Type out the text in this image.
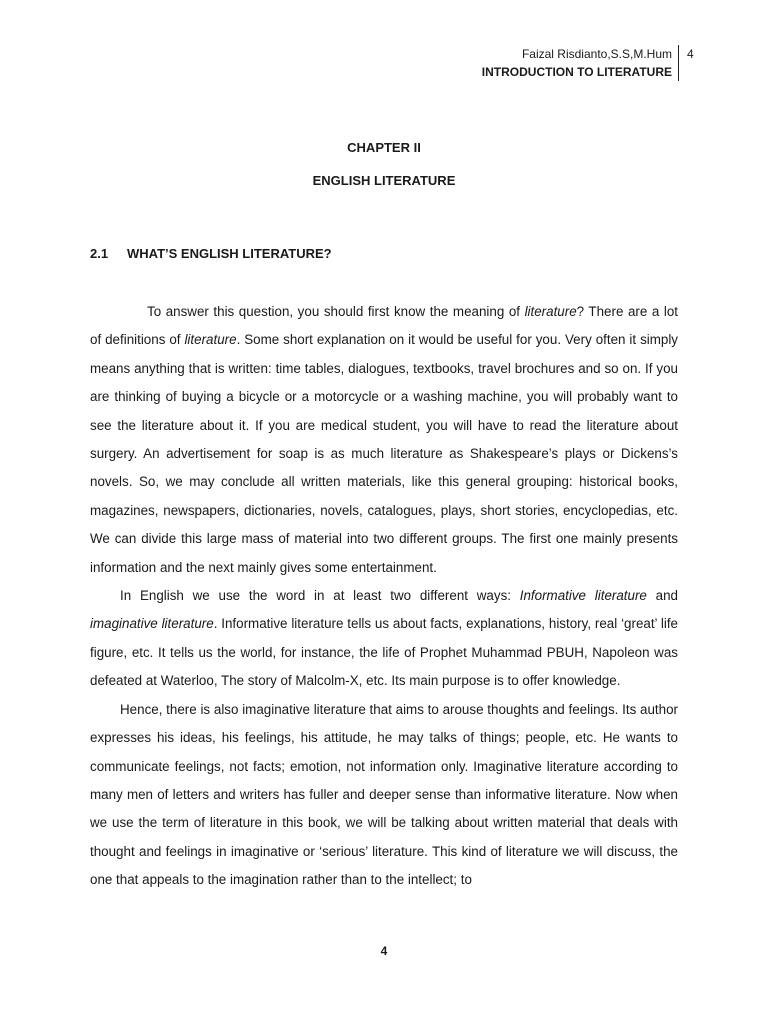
Faizal Risdianto,S.S,M.Hum
INTRODUCTION TO LITERATURE
4
CHAPTER II
ENGLISH LITERATURE
2.1 WHAT’S ENGLISH LITERATURE?

To answer this question, you should first know the meaning of literature? There are a lot of definitions of literature. Some short explanation on it would be useful for you. Very often it simply means anything that is written: time tables, dialogues, textbooks, travel brochures and so on. If you are thinking of buying a bicycle or a motorcycle or a washing machine, you will probably want to see the literature about it. If you are medical student, you will have to read the literature about surgery. An advertisement for soap is as much literature as Shakespeare’s plays or Dickens’s novels. So, we may conclude all written materials, like this general grouping: historical books, magazines, newspapers, dictionaries, novels, catalogues, plays, short stories, encyclopedias, etc. We can divide this large mass of material into two different groups. The first one mainly presents information and the next mainly gives some entertainment.

In English we use the word in at least two different ways: Informative literature and imaginative literature. Informative literature tells us about facts, explanations, history, real ‘great’ life figure, etc. It tells us the world, for instance, the life of Prophet Muhammad PBUH, Napoleon was defeated at Waterloo, The story of Malcolm-X, etc. Its main purpose is to offer knowledge.

Hence, there is also imaginative literature that aims to arouse thoughts and feelings. Its author expresses his ideas, his feelings, his attitude, he may talks of things; people, etc. He wants to communicate feelings, not facts; emotion, not information only. Imaginative literature according to many men of letters and writers has fuller and deeper sense than informative literature. Now when we use the term of literature in this book, we will be talking about written material that deals with thought and feelings in imaginative or ‘serious’ literature. This kind of literature we will discuss, the one that appeals to the imagination rather than to the intellect; to

4
